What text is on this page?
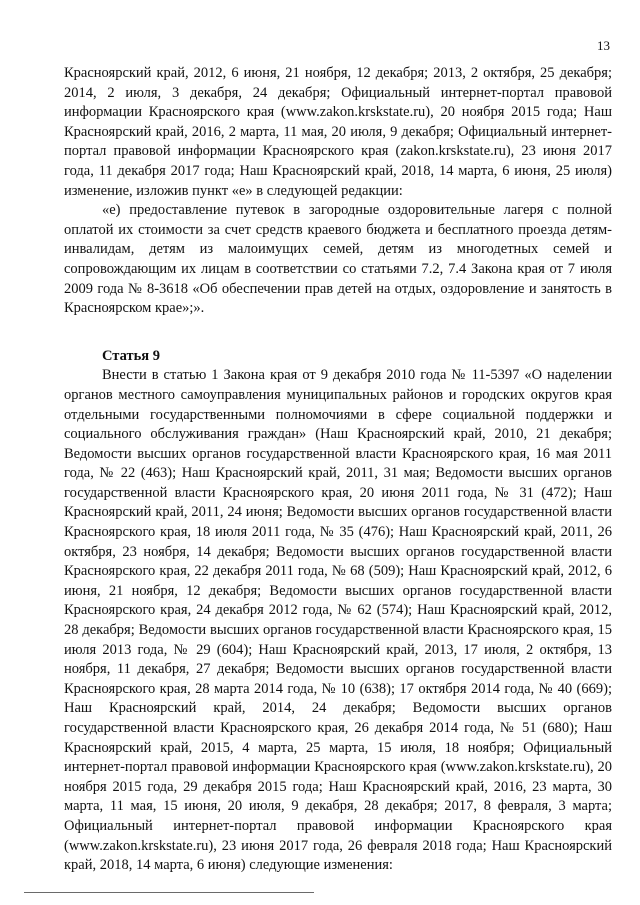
13

Красноярский край, 2012, 6 июня, 21 ноября, 12 декабря; 2013, 2 октября, 25 декабря; 2014, 2 июля, 3 декабря, 24 декабря; Официальный интернет-портал правовой информации Красноярского края (www.zakon.krskstate.ru), 20 ноября 2015 года; Наш Красноярский край, 2016, 2 марта, 11 мая, 20 июля, 9 декабря; Официальный интернет-портал правовой информации Красноярского края (zakon.krskstate.ru), 23 июня 2017 года, 11 декабря 2017 года; Наш Красноярский край, 2018, 14 марта, 6 июня, 25 июля) изменение, изложив пункт «е» в следующей редакции:

«е) предоставление путевок в загородные оздоровительные лагеря с полной оплатой их стоимости за счет средств краевого бюджета и бесплатного проезда детям-инвалидам, детям из малоимущих семей, детям из многодетных семей и сопровождающим их лицам в соответствии со статьями 7.2, 7.4 Закона края от 7 июля 2009 года № 8-3618 «Об обеспечении прав детей на отдых, оздоровление и занятость в Красноярском крае»;».

Статья 9

Внести в статью 1 Закона края от 9 декабря 2010 года № 11-5397 «О наделении органов местного самоуправления муниципальных районов и городских округов края отдельными государственными полномочиями в сфере социальной поддержки и социального обслуживания граждан» (Наш Красноярский край, 2010, 21 декабря; Ведомости высших органов государственной власти Красноярского края, 16 мая 2011 года, № 22 (463); Наш Красноярский край, 2011, 31 мая; Ведомости высших органов государственной власти Красноярского края, 20 июня 2011 года, № 31 (472); Наш Красноярский край, 2011, 24 июня; Ведомости высших органов государственной власти Красноярского края, 18 июля 2011 года, № 35 (476); Наш Красноярский край, 2011, 26 октября, 23 ноября, 14 декабря; Ведомости высших органов государственной власти Красноярского края, 22 декабря 2011 года, № 68 (509); Наш Красноярский край, 2012, 6 июня, 21 ноября, 12 декабря; Ведомости высших органов государственной власти Красноярского края, 24 декабря 2012 года, № 62 (574); Наш Красноярский край, 2012, 28 декабря; Ведомости высших органов государственной власти Красноярского края, 15 июля 2013 года, № 29 (604); Наш Красноярский край, 2013, 17 июля, 2 октября, 13 ноября, 11 декабря, 27 декабря; Ведомости высших органов государственной власти Красноярского края, 28 марта 2014 года, № 10 (638); 17 октября 2014 года, № 40 (669); Наш Красноярский край, 2014, 24 декабря; Ведомости высших органов государственной власти Красноярского края, 26 декабря 2014 года, № 51 (680); Наш Красноярский край, 2015, 4 марта, 25 марта, 15 июля, 18 ноября; Официальный интернет-портал правовой информации Красноярского края (www.zakon.krskstate.ru), 20 ноября 2015 года, 29 декабря 2015 года; Наш Красноярский край, 2016, 23 марта, 30 марта, 11 мая, 15 июня, 20 июля, 9 декабря, 28 декабря; 2017, 8 февраля, 3 марта; Официальный интернет-портал правовой информации Красноярского края (www.zakon.krskstate.ru), 23 июня 2017 года, 26 февраля 2018 года; Наш Красноярский край, 2018, 14 марта, 6 июня) следующие изменения:
